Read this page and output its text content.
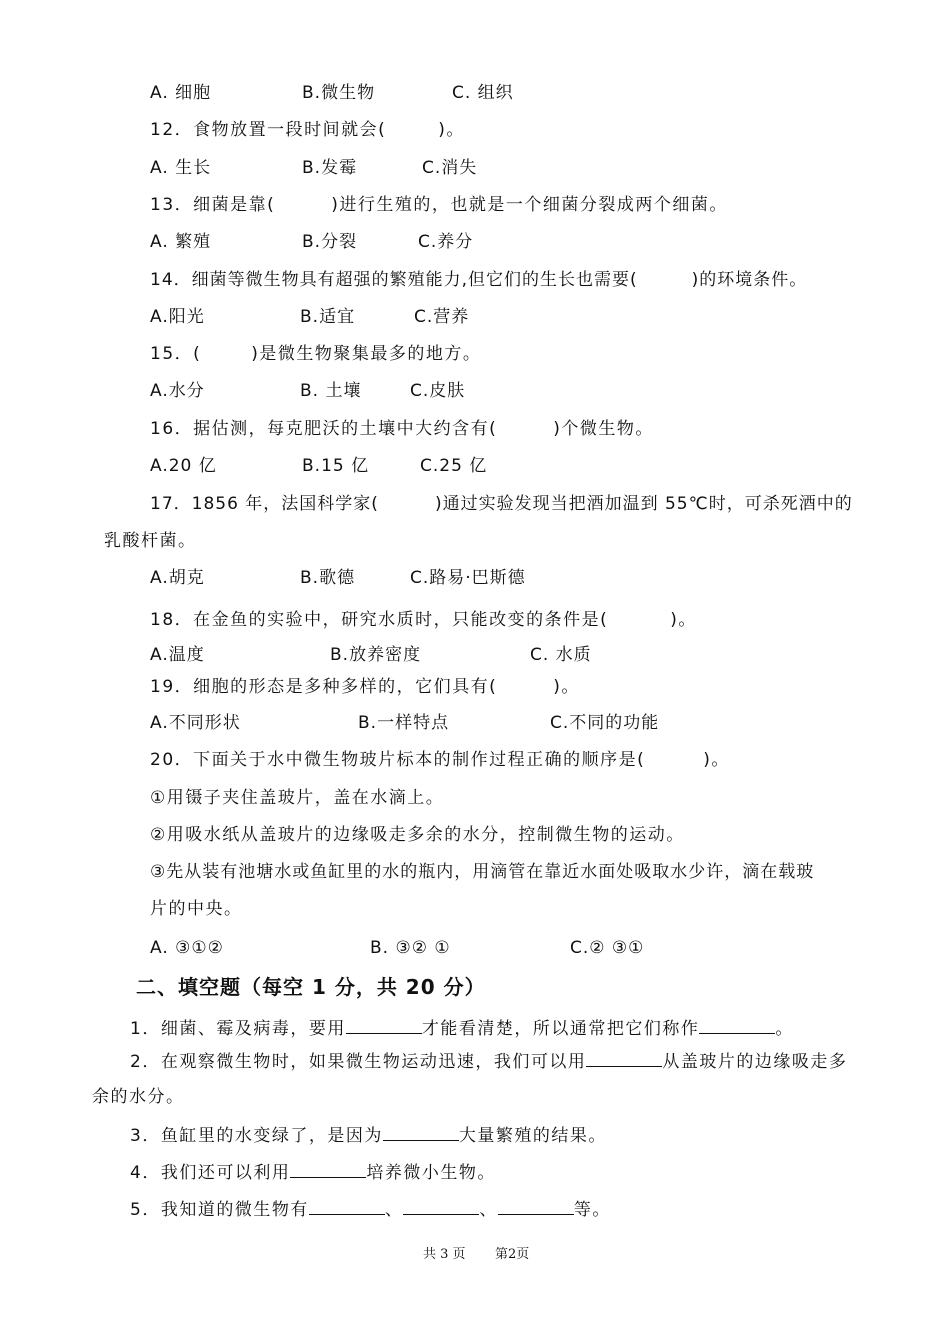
A. 细胞	B.微生物	C. 组织
12．食物放置一段时间就会(	)。
A. 生长	B.发霉	C.消失
13．细菌是靠(	)进行生殖的，也就是一个细菌分裂成两个细菌。
A. 繁殖	B.分裂	C.养分
14．细菌等微生物具有超强的繁殖能力,但它们的生长也需要(	)的环境条件。
A.阳光	B.适宜	C.营养
15．(	)是微生物聚集最多的地方。
A.水分	B. 土壤	C.皮肤
16．据估测，每克肥沃的土壤中大约含有(	)个微生物。
A.20 亿	B.15 亿	C.25 亿
17．1856 年，法国科学家(	)通过实验发现当把酒加温到 55℃时，可杀死酒中的
乳酸杆菌。
A.胡克	B.歌德	C.路易·巴斯德
18．在金鱼的实验中，研究水质时，只能改变的条件是(	)。
A.温度	B.放养密度	C. 水质
19．细胞的形态是多种多样的，它们具有(	)。
A.不同形状	B.一样特点	C.不同的功能
20．下面关于水中微生物玻片标本的制作过程正确的顺序是(	)。
①用镊子夹住盖玻片，盖在水滴上。
②用吸水纸从盖玻片的边缘吸走多余的水分，控制微生物的运动。
③先从装有池塘水或鱼缸里的水的瓶内，用滴管在靠近水面处吸取水少许，滴在载玻
片的中央。
A. ③①②	B. ③② ①	C.② ③①
二、填空题（每空 1 分，共 20 分）
1．细菌、霉及病毒，要用	才能看清楚，所以通常把它们称作	。
2．在观察微生物时，如果微生物运动迅速，我们可以用	从盖玻片的边缘吸走多
余的水分。
3．鱼缸里的水变绿了，是因为	大量繁殖的结果。
4．我们还可以利用	培养微小生物。
5．我知道的微生物有	、	、	等。
共 3 页 第2页
